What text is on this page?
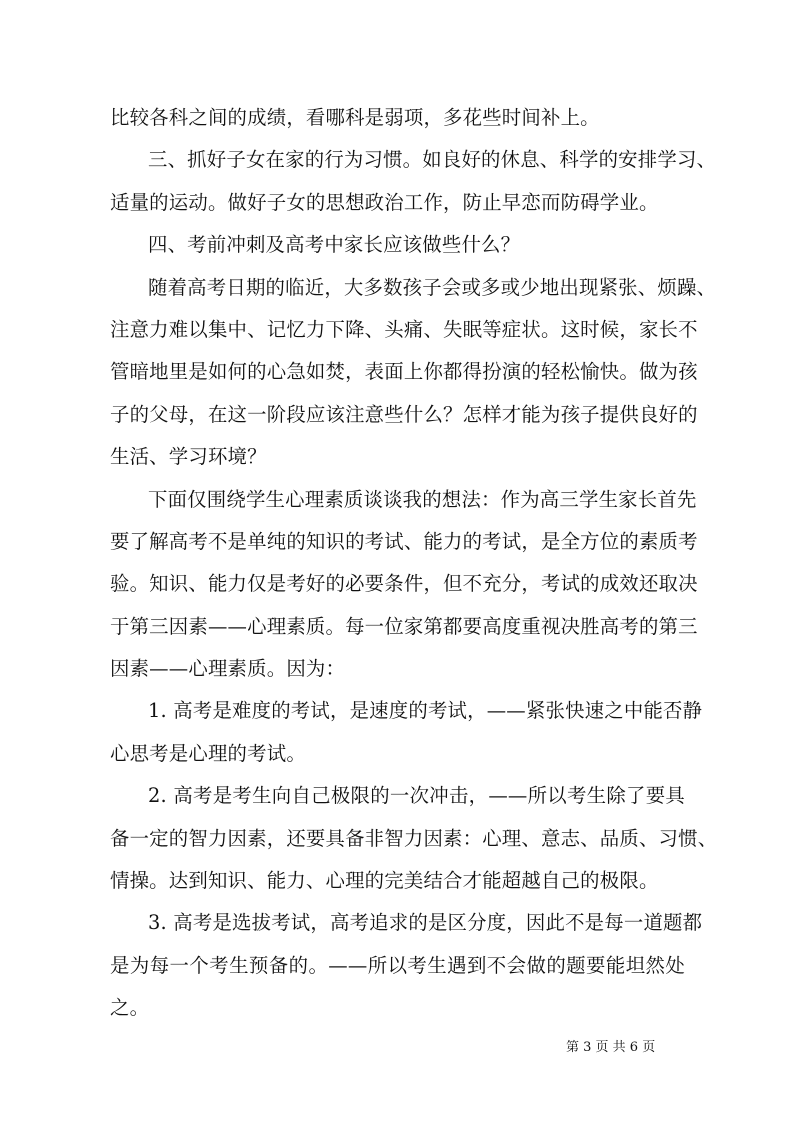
比较各科之间的成绩，看哪科是弱项，多花些时间补上。
三、抓好子女在家的行为习惯。如良好的休息、科学的安排学习、
适量的运动。做好子女的思想政治工作，防止早恋而防碍学业。
四、考前冲刺及高考中家长应该做些什么？
随着高考日期的临近，大多数孩子会或多或少地出现紧张、烦躁、
注意力难以集中、记忆力下降、头痛、失眠等症状。这时候，家长不
管暗地里是如何的心急如焚，表面上你都得扮演的轻松愉快。做为孩
子的父母，在这一阶段应该注意些什么？怎样才能为孩子提供良好的
生活、学习环境？
下面仅围绕学生心理素质谈谈我的想法：作为高三学生家长首先
要了解高考不是单纯的知识的考试、能力的考试，是全方位的素质考
验。知识、能力仅是考好的必要条件，但不充分，考试的成效还取决
于第三因素——心理素质。每一位家第都要高度重视决胜高考的第三
因素——心理素质。因为：
1. 高考是难度的考试，是速度的考试，——紧张快速之中能否静
心思考是心理的考试。
2. 高考是考生向自己极限的一次冲击，——所以考生除了要具
备一定的智力因素，还要具备非智力因素：心理、意志、品质、习惯、
情操。达到知识、能力、心理的完美结合才能超越自己的极限。
3. 高考是选拔考试，高考追求的是区分度，因此不是每一道题都
是为每一个考生预备的。——所以考生遇到不会做的题要能坦然处
之。
第 3 页 共 6 页
